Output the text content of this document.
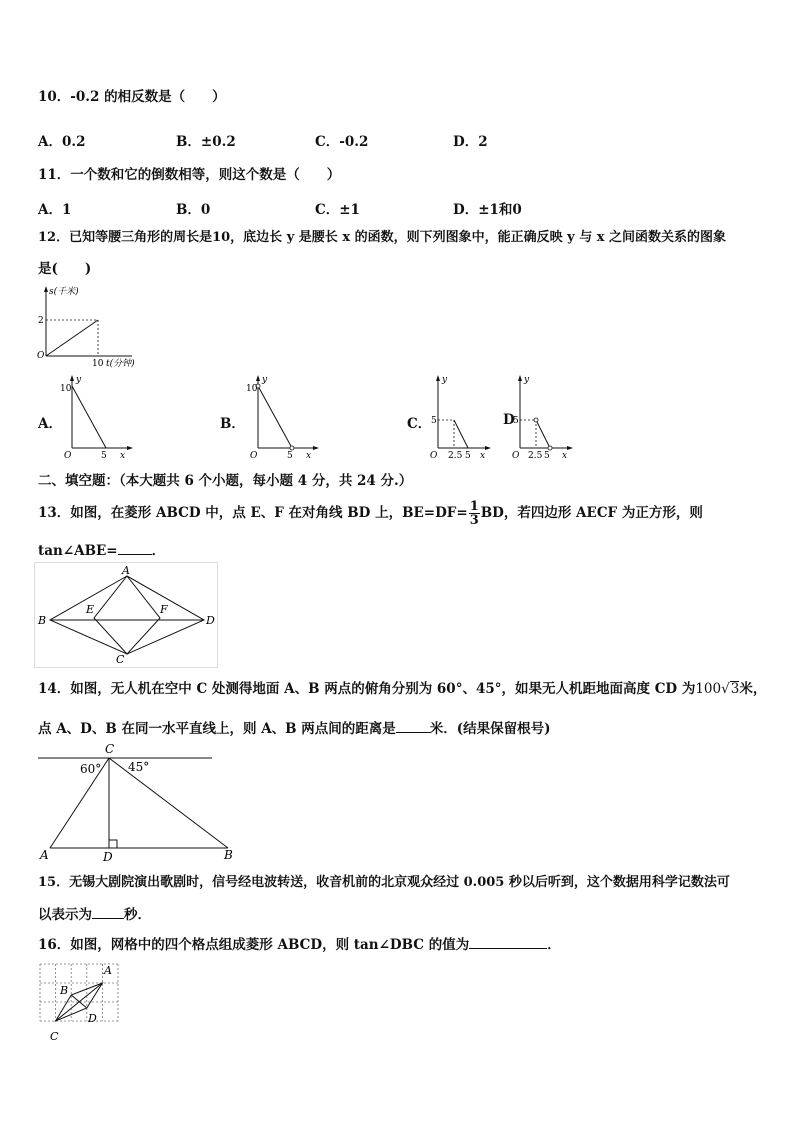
10．-0.2 的相反数是（　　）
A．0.2	B．±0.2	C．-0.2	D．2
11．一个数和它的倒数相等，则这个数是（　　）
A．1	B．0	C．±1	D．±1和0
12．已知等腰三角形的周长是10，底边长 y 是腰长 x 的函数，则下列图象中，能正确反映 y 与 x 之间函数关系的图象
是(　　)
s(千米)
2
O
10 t(分钟)
A．
y
10
O	5 x
B．
y
10
O	5 x
C．
y
5
O 2.5 5 x
D
y
5
O 2.5 5 x
二、填空题：（本大题共 6 个小题，每小题 4 分，共 24 分.）
13．如图，在菱形 ABCD 中，点 E、F 在对角线 BD 上，$BE=DF= \frac{1}{3}$ BD，若四边形 AECF 为正方形，则
tan∠ABE=	．
A
B
C
D
E	F
14．如图，无人机在空中 C 处测得地面 A、B 两点的俯角分别为 60°、45°，如果无人机距地面高度 CD 为100√3米，
点 A、D、B 在同一水平直线上，则 A、B 两点间的距离是	米．(结果保留根号)
C
60° 45°
A	D	B
15．无锡大剧院演出歌剧时，信号经电波转送，收音机前的北京观众经过 0.005 秒以后听到，这个数据用科学记数法可
以表示为 秒．
16．如图，网格中的四个格点组成菱形 ABCD，则 tan∠DBC 的值为	．
A
B
C
D
